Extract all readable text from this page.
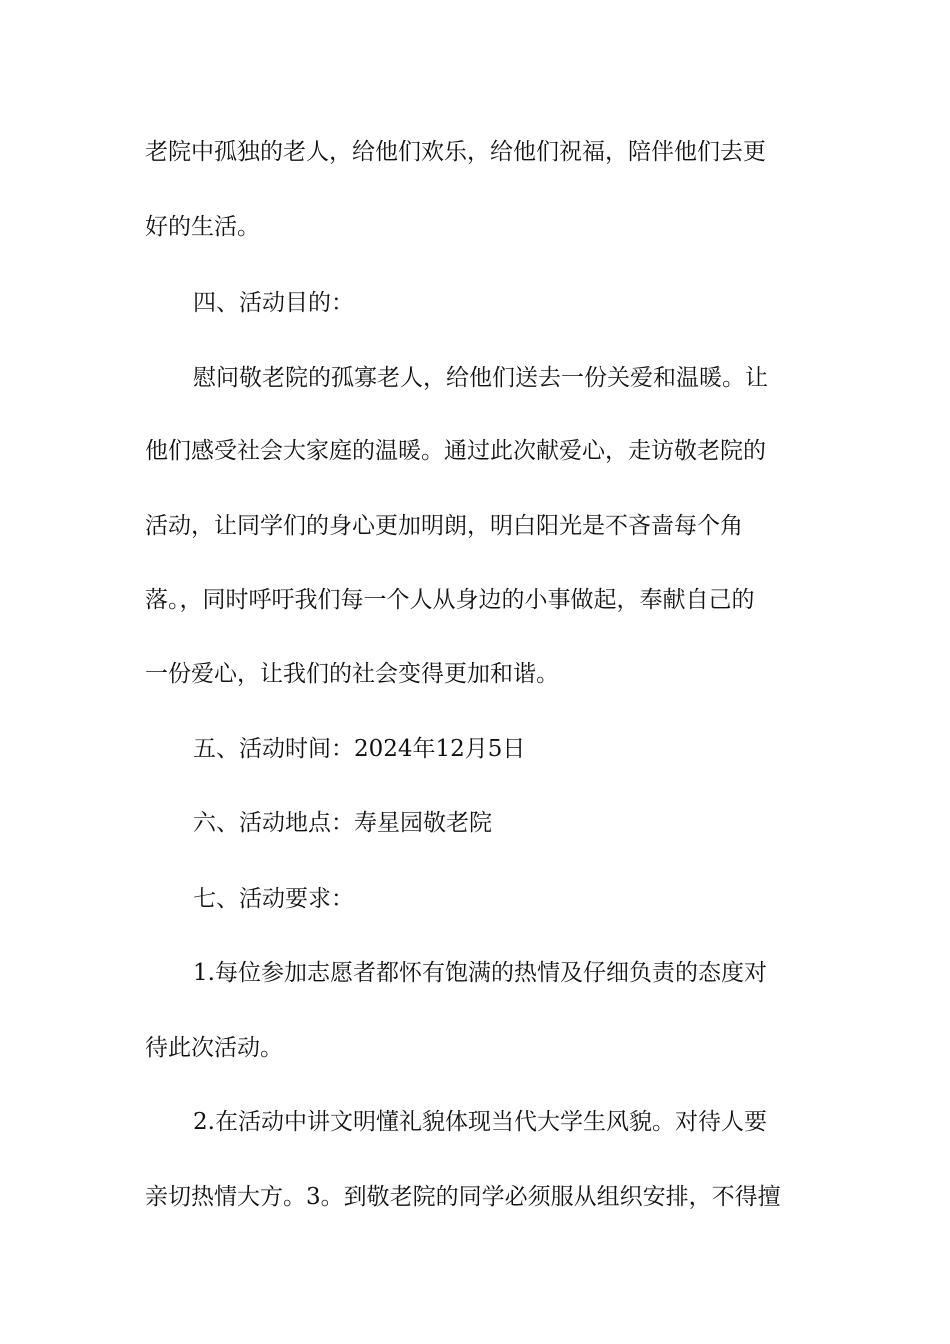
老院中孤独的老人，给他们欢乐，给他们祝福，陪伴他们去更
好的生活。
四、活动目的：
慰问敬老院的孤寡老人，给他们送去一份关爱和温暖。让
他们感受社会大家庭的温暖。通过此次献爱心，走访敬老院的
活动，让同学们的身心更加明朗，明白阳光是不吝啬每个角
落。，同时呼吁我们每一个人从身边的小事做起，奉献自己的
一份爱心，让我们的社会变得更加和谐。
五、活动时间：2024年12月5日
六、活动地点：寿星园敬老院
七、活动要求：
1.每位参加志愿者都怀有饱满的热情及仔细负责的态度对
待此次活动。
2.在活动中讲文明懂礼貌体现当代大学生风貌。对待人要
亲切热情大方。3。到敬老院的同学必须服从组织安排，不得擅
